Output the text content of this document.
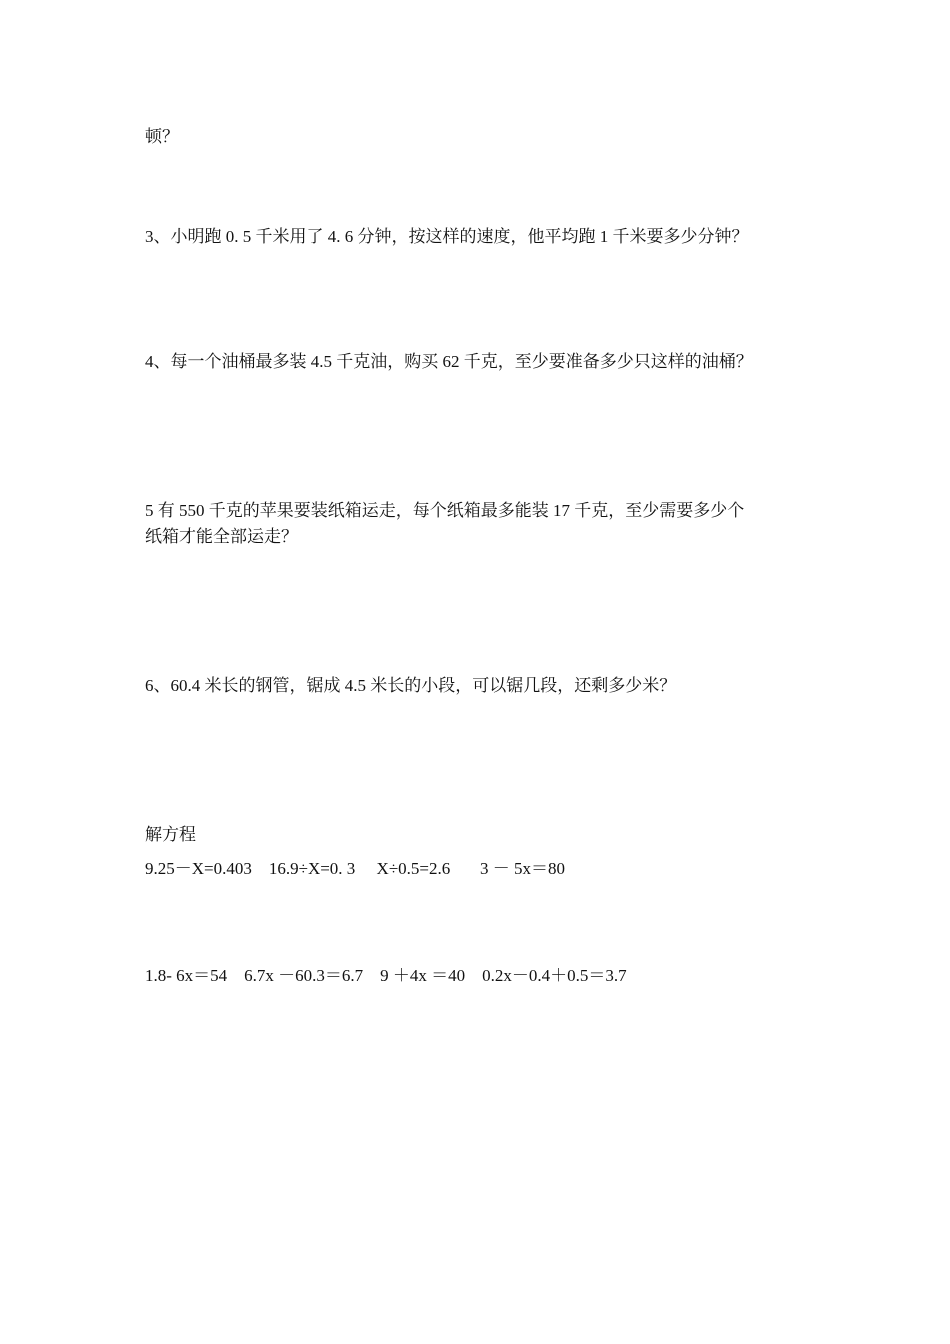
顿？
3、小明跑 0. 5 千米用了 4. 6 分钟，按这样的速度，他平均跑 1 千米要多少分钟？
4、每一个油桶最多装 4.5 千克油，购买 62 千克，至少要准备多少只这样的油桶？
5 有 550 千克的苹果要装纸箱运走，每个纸箱最多能装 17 千克，至少需要多少个
纸箱才能全部运走？
6、60.4 米长的钢管，锯成 4.5 米长的小段，可以锯几段，还剩多少米？
解方程
9.25－X=0.403    16.9÷X=0. 3     X÷0.5=2.6       3 － 5x＝80
1.8- 6x＝54    6.7x －60.3＝6.7    9 ＋4x ＝40    0.2x－0.4＋0.5＝3.7
